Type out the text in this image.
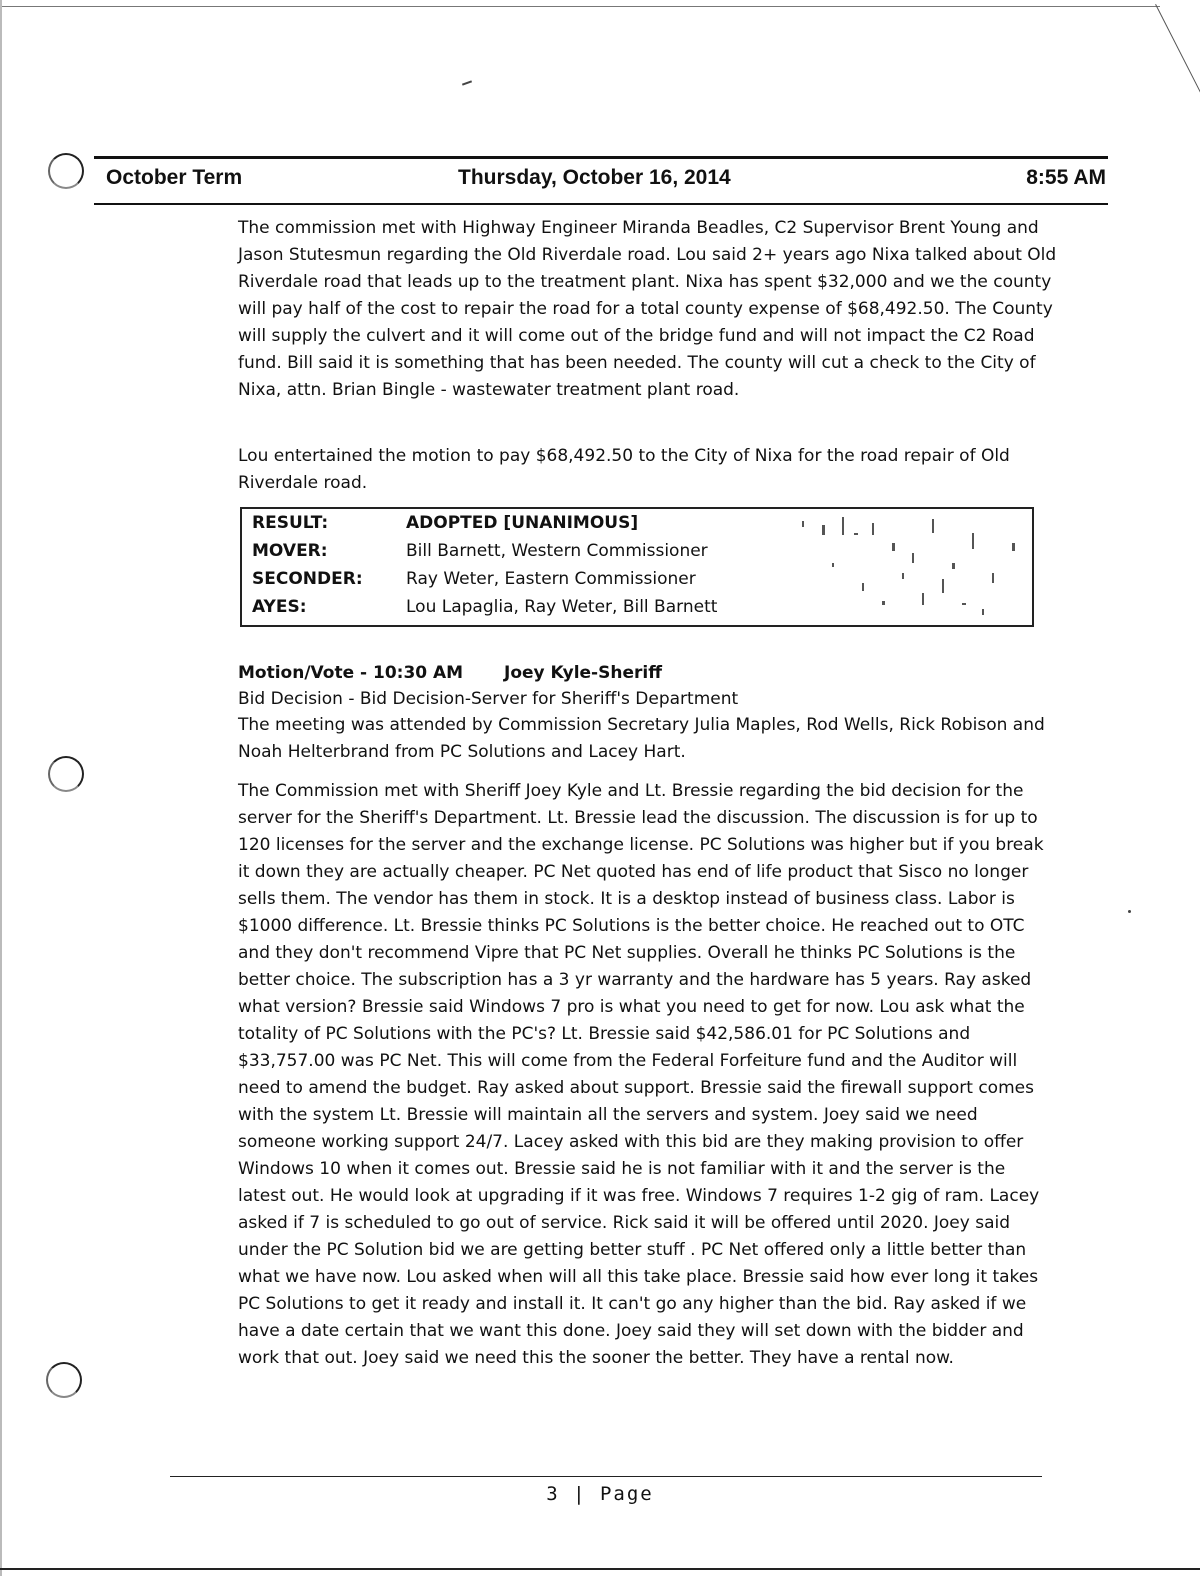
October Term	Thursday, October 16, 2014	8:55 AM

The commission met with Highway Engineer Miranda Beadles, C2 Supervisor Brent Young and Jason Stutesmun regarding the Old Riverdale road. Lou said 2+ years ago Nixa talked about Old Riverdale road that leads up to the treatment plant. Nixa has spent $32,000 and we the county will pay half of the cost to repair the road for a total county expense of $68,492.50. The County will supply the culvert and it will come out of the bridge fund and will not impact the C2 Road fund. Bill said it is something that has been needed. The county will cut a check to the City of Nixa, attn. Brian Bingle - wastewater treatment plant road.

Lou entertained the motion to pay $68,492.50 to the City of Nixa for the road repair of Old Riverdale road.

RESULT:	ADOPTED [UNANIMOUS]
MOVER:	Bill Barnett, Western Commissioner
SECONDER:	Ray Weter, Eastern Commissioner
AYES:	Lou Lapaglia, Ray Weter, Bill Barnett
Motion/Vote - 10:30 AM Joey Kyle-Sheriff
Bid Decision - Bid Decision-Server for Sheriff's Department

The meeting was attended by Commission Secretary Julia Maples, Rod Wells, Rick Robison and Noah Helterbrand from PC Solutions and Lacey Hart.

The Commission met with Sheriff Joey Kyle and Lt. Bressie regarding the bid decision for the server for the Sheriff's Department. Lt. Bressie lead the discussion. The discussion is for up to 120 licenses for the server and the exchange license. PC Solutions was higher but if you break it down they are actually cheaper. PC Net quoted has end of life product that Sisco no longer sells them. The vendor has them in stock. It is a desktop instead of business class. Labor is $1000 difference. Lt. Bressie thinks PC Solutions is the better choice. He reached out to OTC and they don't recommend Vipre that PC Net supplies. Overall he thinks PC Solutions is the better choice. The subscription has a 3 yr warranty and the hardware has 5 years. Ray asked what version? Bressie said Windows 7 pro is what you need to get for now. Lou ask what the totality of PC Solutions with the PC's? Lt. Bressie said $42,586.01 for PC Solutions and $33,757.00 was PC Net. This will come from the Federal Forfeiture fund and the Auditor will need to amend the budget. Ray asked about support. Bressie said the firewall support comes with the system Lt. Bressie will maintain all the servers and system. Joey said we need someone working support 24/7. Lacey asked with this bid are they making provision to offer Windows 10 when it comes out. Bressie said he is not familiar with it and the server is the latest out. He would look at upgrading if it was free. Windows 7 requires 1-2 gig of ram. Lacey asked if 7 is scheduled to go out of service. Rick said it will be offered until 2020. Joey said under the PC Solution bid we are getting better stuff . PC Net offered only a little better than what we have now. Lou asked when will all this take place. Bressie said how ever long it takes PC Solutions to get it ready and install it. It can't go any higher than the bid. Ray asked if we have a date certain that we want this done. Joey said they will set down with the bidder and work that out. Joey said we need this the sooner the better. They have a rental now.

3 | Page
